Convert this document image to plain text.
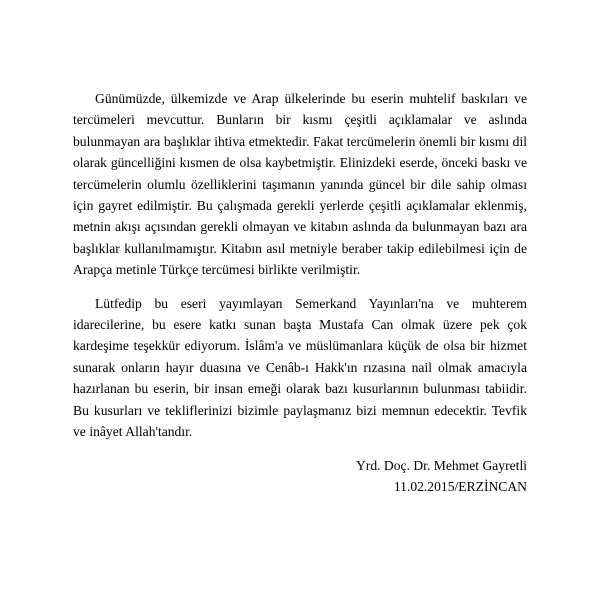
Günümüzde, ülkemizde ve Arap ülkelerinde bu eserin muhtelif baskıları ve tercümeleri mevcuttur. Bunların bir kısmı çeşitli açıklamalar ve aslında bulunmayan ara başlıklar ihtiva etmektedir. Fakat tercümelerin önemli bir kısmı dil olarak güncelliğini kısmen de olsa kaybetmiştir. Elinizdeki eserde, önceki baskı ve tercümelerin olumlu özelliklerini taşımanın yanında güncel bir dile sahip olması için gayret edilmiştir. Bu çalışmada gerekli yerlerde çeşitli açıklamalar eklenmiş, metnin akışı açısından gerekli olmayan ve kitabın aslında da bulunmayan bazı ara başlıklar kullanılmamıştır. Kitabın asıl metniyle beraber takip edilebilmesi için de Arapça metinle Türkçe tercümesi birlikte verilmiştir.

Lütfedip bu eseri yayımlayan Semerkand Yayınları'na ve muhterem idarecilerine, bu esere katkı sunan başta Mustafa Can olmak üzere pek çok kardeşime teşekkür ediyorum. İslâm'a ve müslümanlara küçük de olsa bir hizmet sunarak onların hayır duasına ve Cenâb-ı Hakk'ın rızasına nail olmak amacıyla hazırlanan bu eserin, bir insan emeği olarak bazı kusurlarının bulunması tabiidir. Bu kusurları ve tekliflerinizi bizimle paylaşmanız bizi memnun edecektir. Tevfik ve inâyet Allah'tandır.

Yrd. Doç. Dr. Mehmet Gayretli
11.02.2015/ERZİNCAN
